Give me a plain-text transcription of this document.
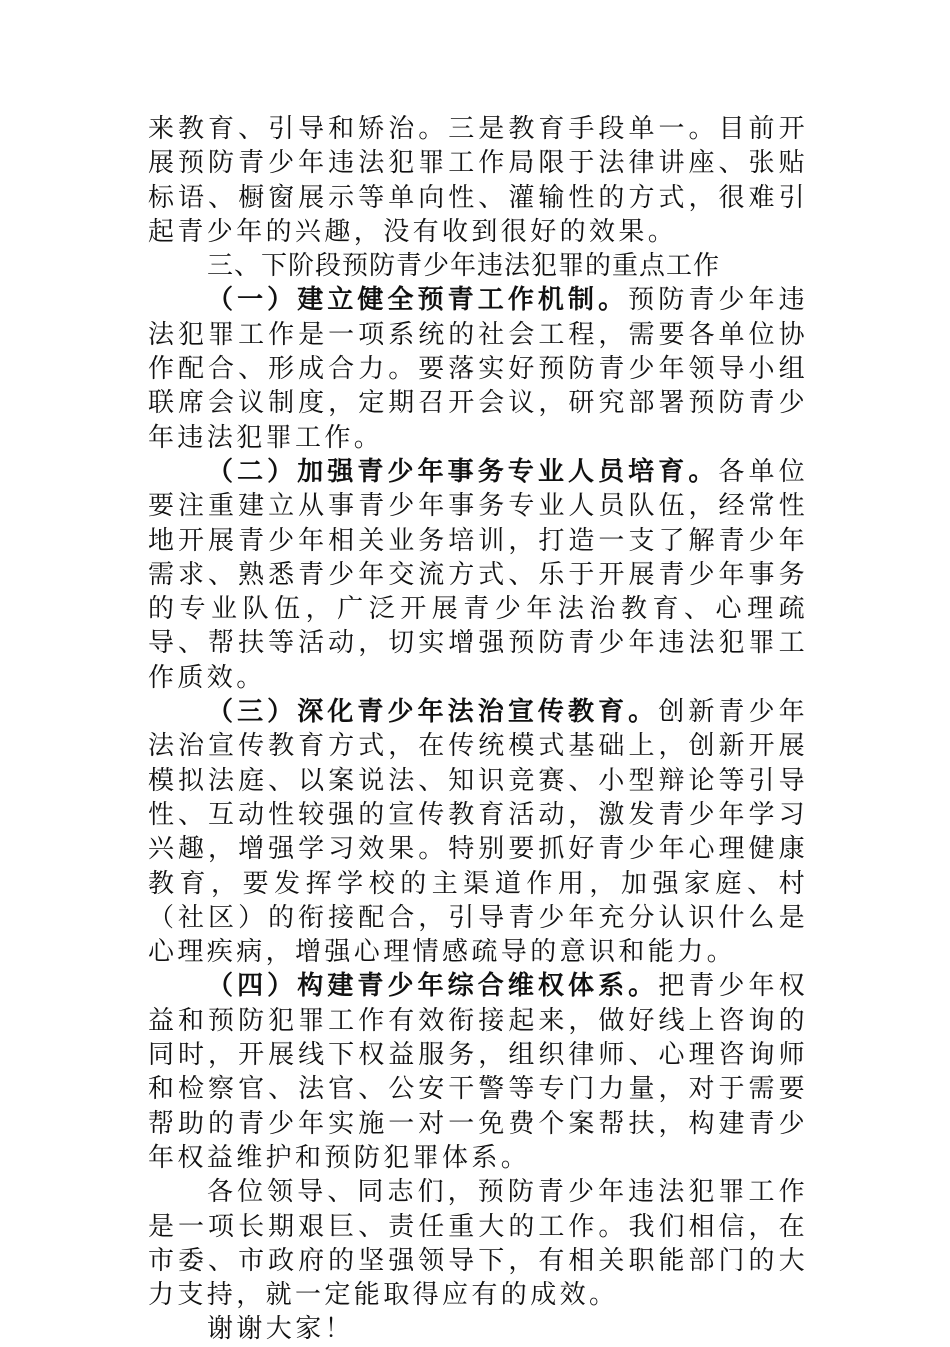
来教育、引导和矫治。三是教育手段单一。目前开展预防青少年违法犯罪工作局限于法律讲座、张贴标语、橱窗展示等单向性、灌输性的方式，很难引起青少年的兴趣，没有收到很好的效果。

三、下阶段预防青少年违法犯罪的重点工作

（一）建立健全预青工作机制。预防青少年违法犯罪工作是一项系统的社会工程，需要各单位协作配合、形成合力。要落实好预防青少年领导小组联席会议制度，定期召开会议，研究部署预防青少年违法犯罪工作。

（二）加强青少年事务专业人员培育。各单位要注重建立从事青少年事务专业人员队伍，经常性地开展青少年相关业务培训，打造一支了解青少年需求、熟悉青少年交流方式、乐于开展青少年事务的专业队伍，广泛开展青少年法治教育、心理疏导、帮扶等活动，切实增强预防青少年违法犯罪工作质效。

（三）深化青少年法治宣传教育。创新青少年法治宣传教育方式，在传统模式基础上，创新开展模拟法庭、以案说法、知识竞赛、小型辩论等引导性、互动性较强的宣传教育活动，激发青少年学习兴趣，增强学习效果。特别要抓好青少年心理健康教育，要发挥学校的主渠道作用，加强家庭、村（社区）的衔接配合，引导青少年充分认识什么是心理疾病，增强心理情感疏导的意识和能力。

（四）构建青少年综合维权体系。把青少年权益和预防犯罪工作有效衔接起来，做好线上咨询的同时，开展线下权益服务，组织律师、心理咨询师和检察官、法官、公安干警等专门力量，对于需要帮助的青少年实施一对一免费个案帮扶，构建青少年权益维护和预防犯罪体系。

各位领导、同志们，预防青少年违法犯罪工作是一项长期艰巨、责任重大的工作。我们相信，在市委、市政府的坚强领导下，有相关职能部门的大力支持，就一定能取得应有的成效。

谢谢大家！
